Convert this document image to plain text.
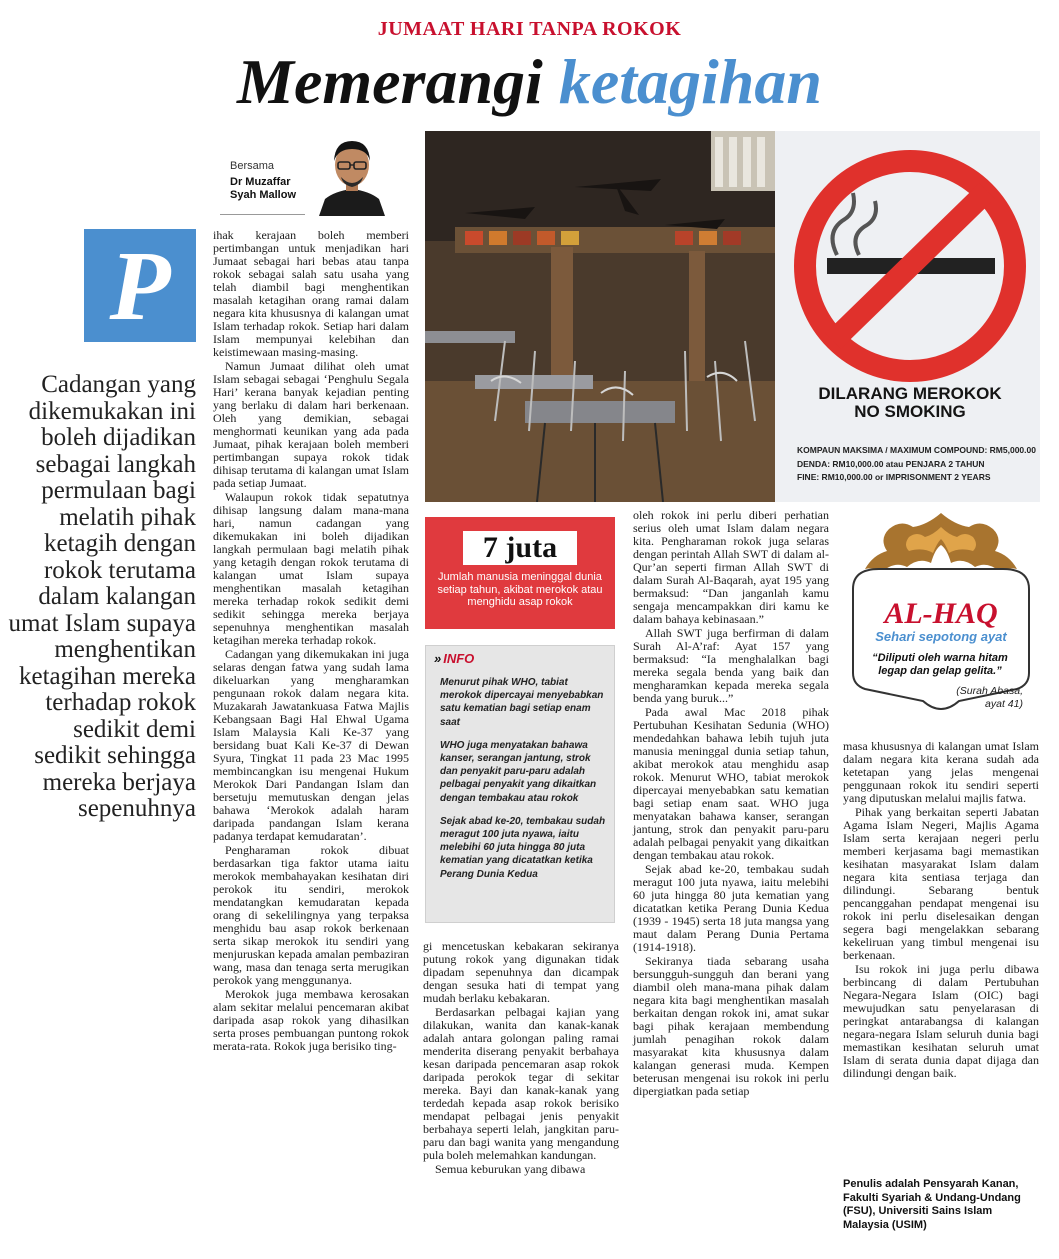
JUMAAT HARI TANPA ROKOK
Memerangi ketagihan
Bersama
Dr Muzaffar
Syah Mallow
P
Cadangan yang dikemukakan ini boleh dijadikan sebagai langkah permulaan bagi melatih pihak ketagih dengan rokok terutama dalam kalangan umat Islam supaya menghentikan ketagihan mereka terhadap rokok sedikit demi sedikit sehingga mereka berjaya sepenuhnya

ihak kerajaan boleh memberi pertimbangan untuk menjadikan hari Jumaat sebagai hari bebas atau tanpa rokok sebagai salah satu usaha yang telah diambil bagi menghentikan masalah ketagihan orang ramai dalam negara kita khususnya di kalangan umat Islam terhadap rokok. Setiap hari dalam Islam mempunyai kelebihan dan keistimewaan masing-masing.

Namun Jumaat dilihat oleh umat Islam sebagai sebagai ‘Penghulu Segala Hari’ kerana banyak kejadian penting yang berlaku di dalam hari berkenaan. Oleh yang demikian, sebagai menghormati keunikan yang ada pada Jumaat, pihak kerajaan boleh memberi pertimbangan supaya rokok tidak dihisap terutama di kalangan umat Islam pada setiap Jumaat.

Walaupun rokok tidak sepatutnya dihisap langsung dalam mana-mana hari, namun cadangan yang dikemukakan ini boleh dijadikan langkah permulaan bagi melatih pihak yang ketagih dengan rokok terutama di kalangan umat Islam supaya menghentikan masalah ketagihan mereka terhadap rokok sedikit demi sedikit sehingga mereka berjaya sepenuhnya menghentikan masalah ketagihan mereka terhadap rokok.

Cadangan yang dikemukakan ini juga selaras dengan fatwa yang sudah lama dikeluarkan yang mengharamkan pengunaan rokok dalam negara kita. Muzakarah Jawatankuasa Fatwa Majlis Kebangsaan Bagi Hal Ehwal Ugama Islam Malaysia Kali Ke-37 yang bersidang buat Kali Ke-37 di Dewan Syura, Tingkat 11 pada 23 Mac 1995 membincangkan isu mengenai Hukum Merokok Dari Pandangan Islam dan bersetuju memutuskan dengan jelas bahawa ‘Merokok adalah haram daripada pandangan Islam kerana padanya terdapat kemudaratan’.

Pengharaman rokok dibuat berdasarkan tiga faktor utama iaitu merokok membahayakan kesihatan diri perokok itu sendiri, merokok mendatangkan kemudaratan kepada orang di sekelilingnya yang terpaksa menghidu bau asap rokok berkenaan serta sikap merokok itu sendiri yang menjuruskan kepada amalan pembaziran wang, masa dan tenaga serta merugikan perokok yang menggunanya.

Merokok juga membawa kerosakan alam sekitar melalui pencemaran akibat daripada asap rokok yang dihasilkan serta proses pembuangan puntong rokok merata-rata. Rokok juga berisiko ting-

DILARANG MEROKOK
NO SMOKING
KOMPAUN MAKSIMA / MAXIMUM COMPOUND: RM5,000.00
DENDA: RM10,000.00 atau PENJARA 2 TAHUN
FINE: RM10,000.00 or IMPRISONMENT 2 YEARS
7 juta
Jumlah manusia meninggal dunia setiap tahun, akibat merokok atau menghidu asap rokok
» INFO

Menurut pihak WHO, tabiat merokok dipercayai menyebabkan satu kematian bagi setiap enam saat

WHO juga menyatakan bahawa kanser, serangan jantung, strok dan penyakit paru-paru adalah pelbagai penyakit yang dikaitkan dengan tembakau atau rokok

Sejak abad ke-20, tembakau sudah meragut 100 juta nyawa, iaitu melebihi 60 juta hingga 80 juta kematian yang dicatatkan ketika Perang Dunia Kedua

gi mencetuskan kebakaran sekiranya putung rokok yang digunakan tidak dipadam sepenuhnya dan dicampak dengan sesuka hati di tempat yang mudah berlaku kebakaran.

Berdasarkan pelbagai kajian yang dilakukan, wanita dan kanak-kanak adalah antara golongan paling ramai menderita diserang penyakit berbahaya kesan daripada pencemaran asap rokok daripada perokok tegar di sekitar mereka. Bayi dan kanak-kanak yang terdedah kepada asap rokok berisiko mendapat pelbagai jenis penyakit berbahaya seperti lelah, jangkitan paru-paru dan bagi wanita yang mengandung pula boleh melemahkan kandungan.

Semua keburukan yang dibawa

oleh rokok ini perlu diberi perhatian serius oleh umat Islam dalam negara kita. Pengharaman rokok juga selaras dengan perintah Allah SWT di dalam al-Qur’an seperti firman Allah SWT di dalam Surah Al-Baqarah, ayat 195 yang bermaksud: “Dan janganlah kamu sengaja mencampakkan diri kamu ke dalam bahaya kebinasaan.”

Allah SWT juga berfirman di dalam Surah Al-A’raf: Ayat 157 yang bermaksud: “Ia menghalalkan bagi mereka segala benda yang baik dan mengharamkan kepada mereka segala benda yang buruk...”

Pada awal Mac 2018 pihak Pertubuhan Kesihatan Sedunia (WHO) mendedahkan bahawa lebih tujuh juta manusia meninggal dunia setiap tahun, akibat merokok atau menghidu asap rokok. Menurut WHO, tabiat merokok dipercayai menyebabkan satu kematian bagi setiap enam saat. WHO juga menyatakan bahawa kanser, serangan jantung, strok dan penyakit paru-paru adalah pelbagai penyakit yang dikaitkan dengan tembakau atau rokok.

Sejak abad ke-20, tembakau sudah meragut 100 juta nyawa, iaitu melebihi 60 juta hingga 80 juta kematian yang dicatatkan ketika Perang Dunia Kedua (1939 - 1945) serta 18 juta mangsa yang maut dalam Perang Dunia Pertama (1914-1918).

Sekiranya tiada sebarang usaha bersungguh-sungguh dan berani yang diambil oleh mana-mana pihak dalam negara kita bagi menghentikan masalah berkaitan dengan rokok ini, amat sukar bagi pihak kerajaan membendung jumlah penagihan rokok dalam masyarakat kita khususnya dalam kalangan generasi muda. Kempen beterusan mengenai isu rokok ini perlu dipergiatkan pada setiap

AL-HAQ
Sehari sepotong ayat
“Diliputi oleh warna hitam legap dan gelap gelita.”
(Surah Abasa,
ayat 41)

masa khususnya di kalangan umat Islam dalam negara kita kerana sudah ada ketetapan yang jelas mengenai penggunaan rokok itu sendiri seperti yang diputuskan melalui majlis fatwa.

Pihak yang berkaitan seperti Jabatan Agama Islam Negeri, Majlis Agama Islam serta kerajaan negeri perlu memberi kerjasama bagi memastikan kesihatan masyarakat Islam dalam negara kita sentiasa terjaga dan dilindungi. Sebarang bentuk pencanggahan pendapat mengenai isu rokok ini perlu diselesaikan dengan segera bagi mengelakkan sebarang kekeliruan yang timbul mengenai isu berkenaan.

Isu rokok ini juga perlu dibawa berbincang di dalam Pertubuhan Negara-Negara Islam (OIC) bagi mewujudkan satu penyelarasan di peringkat antarabangsa di kalangan negara-negara Islam seluruh dunia bagi memastikan kesihatan seluruh umat Islam di serata dunia dapat dijaga dan dilindungi dengan baik.

Penulis adalah Pensyarah Kanan, Fakulti Syariah & Undang-Undang (FSU), Universiti Sains Islam Malaysia (USIM)
